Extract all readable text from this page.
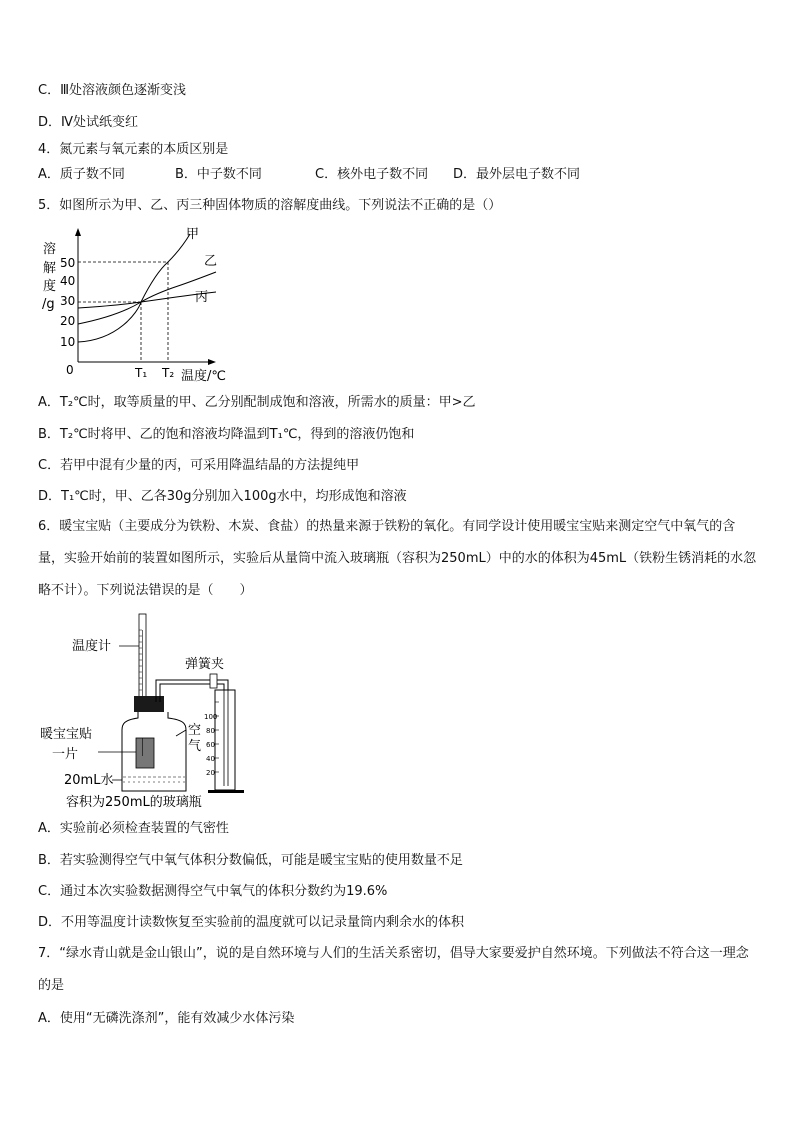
C．Ⅲ处溶液颜色逐渐变浅
D．Ⅳ处试纸变红
4．氮元素与氧元素的本质区别是
A．质子数不同	B．中子数不同	C．核外电子数不同 D．最外层电子数不同
5．如图所示为甲、乙、丙三种固体物质的溶解度曲线。下列说法不正确的是（）
溶
解
度
/g
50
40
30
20
10
0
甲
乙
丙
T₁ T₂ 温度/℃
A．T₂℃时，取等质量的甲、乙分别配制成饱和溶液，所需水的质量：甲>乙
B．T₂℃时将甲、乙的饱和溶液均降温到T₁℃，得到的溶液仍饱和
C．若甲中混有少量的丙，可采用降温结晶的方法提纯甲
D．T₁℃时，甲、乙各30g分别加入100g水中，均形成饱和溶液
6．暖宝宝贴（主要成分为铁粉、木炭、食盐）的热量来源于铁粉的氧化。有同学设计使用暖宝宝贴来测定空气中氧气的含量，实验开始前的装置如图所示，实验后从量筒中流入玻璃瓶（容积为250mL）中的水的体积为45mL（铁粉生锈消耗的水忽略不计）。下列说法错误的是（　　）
温度计
弹簧夹
100
80
60
40
20
空
气
暖宝宝贴
一片
20mL水
容积为250mL的玻璃瓶
A．实验前必须检查装置的气密性
B．若实验测得空气中氧气体积分数偏低，可能是暖宝宝贴的使用数量不足
C．通过本次实验数据测得空气中氧气的体积分数约为19.6%
D．不用等温度计读数恢复至实验前的温度就可以记录量筒内剩余水的体积
7．“绿水青山就是金山银山”，说的是自然环境与人们的生活关系密切，倡导大家要爱护自然环境。下列做法不符合这一理念的是
A．使用“无磷洗涤剂”，能有效减少水体污染
